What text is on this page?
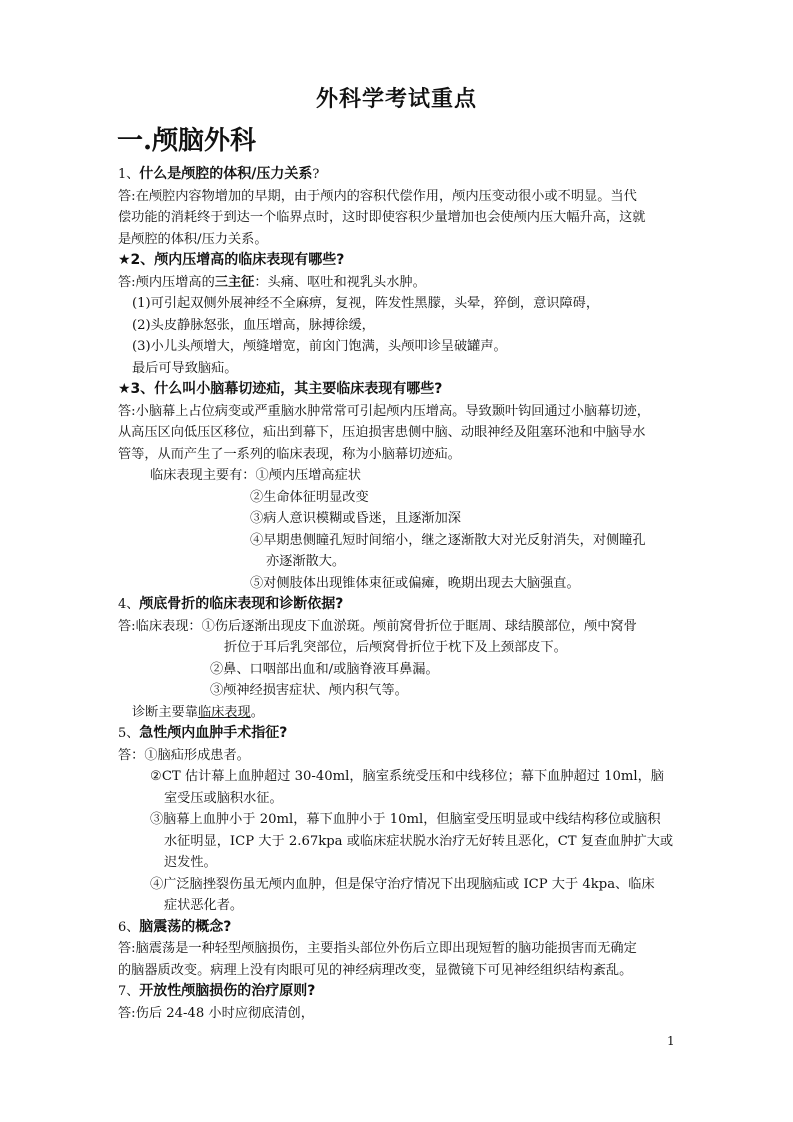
外科学考试重点
一.颅脑外科
1、什么是颅腔的体积/压力关系?
答:在颅腔内容物增加的早期，由于颅内的容积代偿作用，颅内压变动很小或不明显。当代
偿功能的消耗终于到达一个临界点时，这时即使容积少量增加也会使颅内压大幅升高，这就
是颅腔的体积/压力关系。
★2、颅内压增高的临床表现有哪些?
答:颅内压增高的三主征：头痛、呕吐和视乳头水肿。
(1)可引起双侧外展神经不全麻痹，复视，阵发性黑朦，头晕，猝倒，意识障碍，
(2)头皮静脉怒张，血压增高，脉搏徐缓，
(3)小儿头颅增大，颅缝增宽，前囟门饱满，头颅叩诊呈破罐声。
最后可导致脑疝。
★3、什么叫小脑幕切迹疝，其主要临床表现有哪些?
答:小脑幕上占位病变或严重脑水肿常常可引起颅内压增高。导致颞叶钩回通过小脑幕切迹，
从高压区向低压区移位，疝出到幕下，压迫损害患侧中脑、动眼神经及阻塞环池和中脑导水
管等，从而产生了一系列的临床表现，称为小脑幕切迹疝。
临床表现主要有：①颅内压增高症状
②生命体征明显改变
③病人意识模糊或昏迷，且逐渐加深
④早期患侧瞳孔短时间缩小，继之逐渐散大对光反射消失，对侧瞳孔
亦逐渐散大。
⑤对侧肢体出现锥体束征或偏瘫，晚期出现去大脑强直。
4、颅底骨折的临床表现和诊断依据?
答:临床表现：①伤后逐渐出现皮下血淤斑。颅前窝骨折位于眶周、球结膜部位，颅中窝骨
折位于耳后乳突部位，后颅窝骨折位于枕下及上颈部皮下。
②鼻、口咽部出血和/或脑脊液耳鼻漏。
③颅神经损害症状、颅内积气等。
诊断主要靠临床表现。
5、急性颅内血肿手术指征?
答：①脑疝形成患者。
②CT 估计幕上血肿超过 30-40ml，脑室系统受压和中线移位；幕下血肿超过 10ml，脑
室受压或脑积水征。
③脑幕上血肿小于 20ml，幕下血肿小于 10ml，但脑室受压明显或中线结构移位或脑积
水征明显，ICP 大于 2.67kpa 或临床症状脱水治疗无好转且恶化，CT 复查血肿扩大或
迟发性。
④广泛脑挫裂伤虽无颅内血肿，但是保守治疗情况下出现脑疝或 ICP 大于 4kpa、临床
症状恶化者。
6、脑震荡的概念?
答:脑震荡是一种轻型颅脑损伤，主要指头部位外伤后立即出现短暂的脑功能损害而无确定
的脑器质改变。病理上没有肉眼可见的神经病理改变，显微镜下可见神经组织结构紊乱。
7、开放性颅脑损伤的治疗原则?
答:伤后 24-48 小时应彻底清创，
1
